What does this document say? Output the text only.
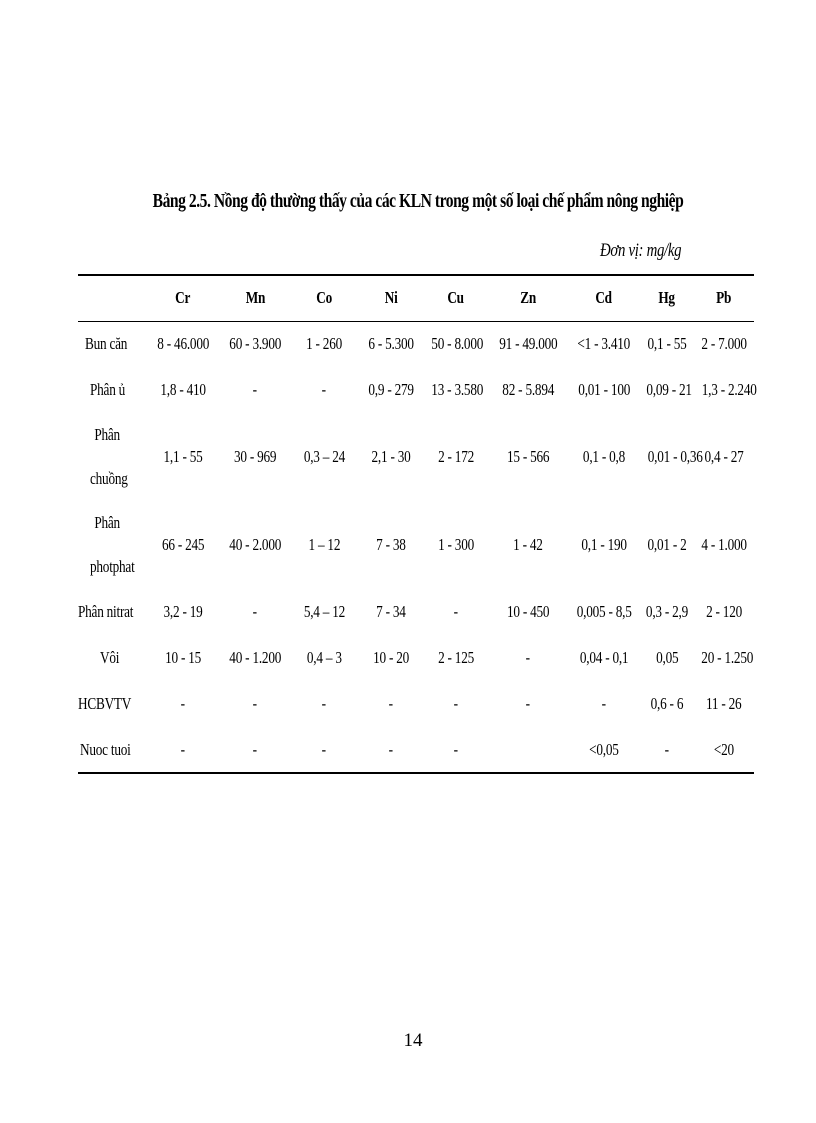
Bảng 2.5. Nồng độ thường thấy của các KLN trong một số loại chế phẩm nông nghiệp
Đơn vị: mg/kg
	Cr	Mn	Co	Ni	Cu	Zn	Cd	Hg	Pb
Bun căn	8 - 46.000	60 - 3.900	1 - 260	6 - 5.300	50 - 8.000	91 - 49.000	<1 - 3.410	0,1 - 55	2 - 7.000
Phân ủ	1,8 - 410	-	-	0,9 - 279	13 - 3.580	82 - 5.894	0,01 - 100	0,09 - 21	1,3 - 2.240
Phân chuồng	1,1 - 55	30 - 969	0,3 – 24	2,1 - 30	2 - 172	15 - 566	0,1 - 0,8	0,01 - 0,36	0,4 - 27
Phân photphat	66 - 245	40 - 2.000	1 – 12	7 - 38	1 - 300	1 - 42	0,1 - 190	0,01 - 2	4 - 1.000
Phân nitrat	3,2 - 19	-	5,4 – 12	7 - 34	-	10 - 450	0,005 - 8,5	0,3 - 2,9	2 - 120
Vôi	10 - 15	40 - 1.200	0,4 – 3	10 - 20	2 - 125	-	0,04 - 0,1	0,05	20 - 1.250
HCBVTV	-	-	-	-	-	-	-	0,6 - 6	11 - 26
Nuoc tuoi	-	-	-	-	-		<0,05	-	<20
14
